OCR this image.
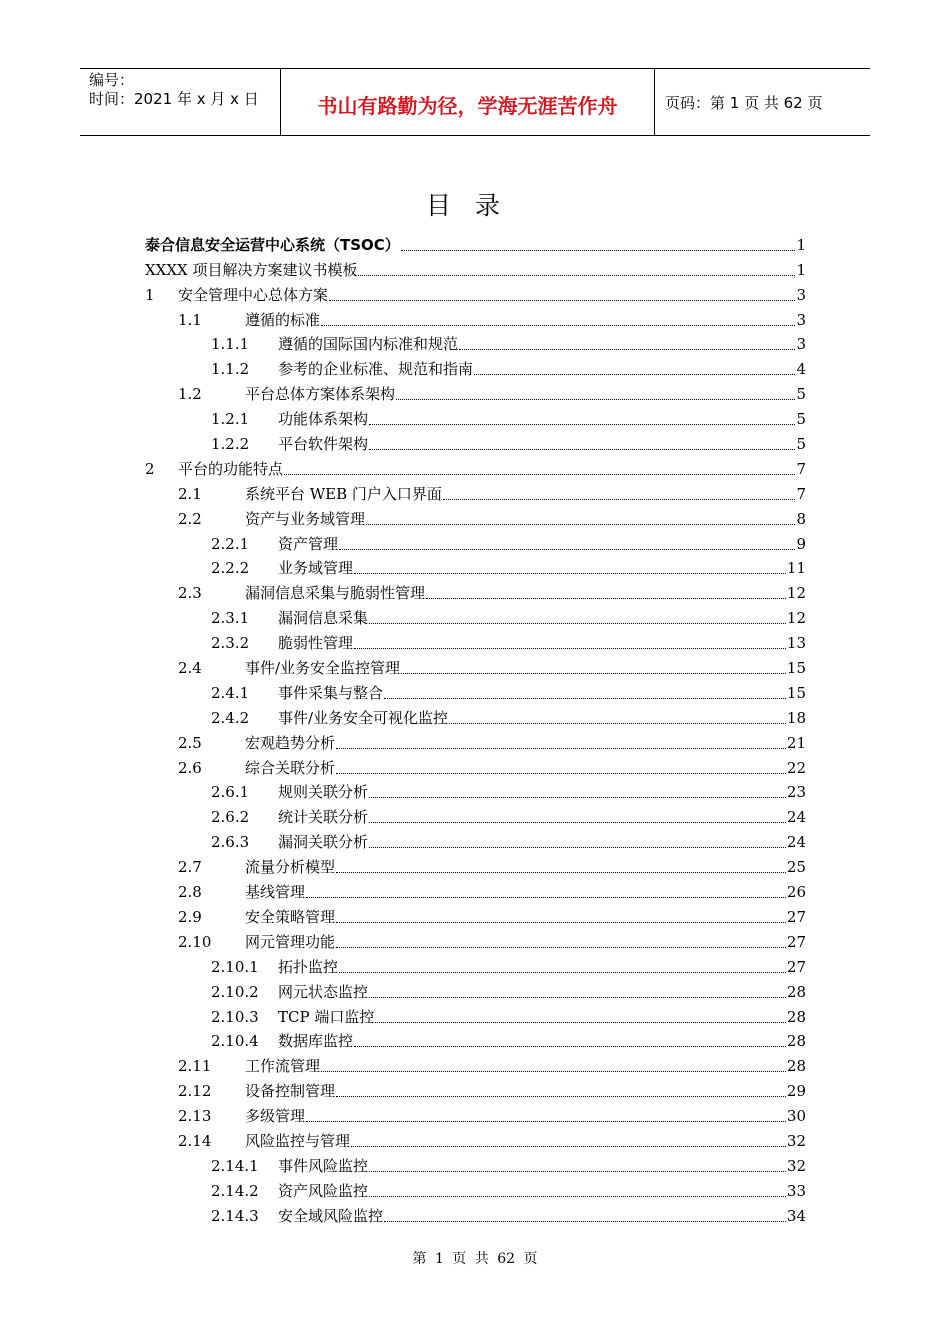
编号：
时间：2021 年 x 月 x 日	书山有路勤为径，学海无涯苦作舟	页码：第 1 页 共 62 页
目录
泰合信息安全运营中心系统（TSOC）	1
XXXX 项目解决方案建议书模板	1
1 安全管理中心总体方案	3
1.1	遵循的标准	3
1.1.1 遵循的国际国内标准和规范	3
1.1.2 参考的企业标准、规范和指南	4
1.2	平台总体方案体系架构	5
1.2.1 功能体系架构	5
1.2.2 平台软件架构	5
2 平台的功能特点	7
2.1	系统平台 WEB 门户入口界面	7
2.2	资产与业务域管理	8
2.2.1 资产管理	9
2.2.2 业务域管理	11
2.3	漏洞信息采集与脆弱性管理	12
2.3.1 漏洞信息采集	12
2.3.2 脆弱性管理	13
2.4	事件/业务安全监控管理	15
2.4.1 事件采集与整合	15
2.4.2 事件/业务安全可视化监控	18
2.5	宏观趋势分析	21
2.6	综合关联分析	22
2.6.1 规则关联分析	23
2.6.2 统计关联分析	24
2.6.3 漏洞关联分析	24
2.7	流量分析模型	25
2.8	基线管理	26
2.9	安全策略管理	27
2.10 网元管理功能	27
2.10.1 拓扑监控	27
2.10.2 网元状态监控	28
2.10.3 TCP 端口监控	28
2.10.4 数据库监控	28
2.11 工作流管理	28
2.12 设备控制管理	29
2.13 多级管理	30
2.14 风险监控与管理	32
2.14.1 事件风险监控	32
2.14.2 资产风险监控	33
2.14.3 安全域风险监控	34
第 1 页 共 62 页
